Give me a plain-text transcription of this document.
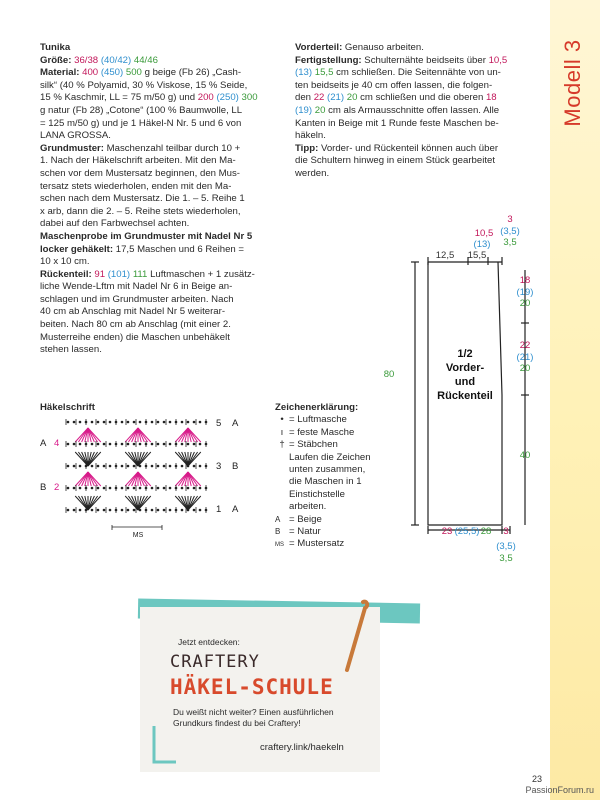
Modell 3
Tunika
Größe: 36/38 (40/42) 44/46
Material: 400 (450) 500 g beige (Fb 26) „Cash-
silk“ (40 % Polyamid, 30 % Viskose, 15 % Seide,
15 % Kaschmir, LL = 75 m/50 g) und 200 (250) 300
g natur (Fb 28) „Cotone“ (100 % Baumwolle, LL
= 125 m/50 g) und je 1 Häkel-N Nr. 5 und 6 von
LANA GROSSA.
Grundmuster: Maschenzahl teilbar durch 10 +
1. Nach der Häkelschrift arbeiten. Mit den Ma-
schen vor dem Mustersatz beginnen, den Mus-
tersatz stets wiederholen, enden mit den Ma-
schen nach dem Mustersatz. Die 1. – 5. Reihe 1
x arb, dann die 2. – 5. Reihe stets wiederholen,
dabei auf den Farbwechsel achten.
Maschenprobe im Grundmuster mit Nadel Nr 5
locker gehäkelt: 17,5 Maschen und 6 Reihen =
10 x 10 cm.
Rückenteil: 91 (101) 111 Luftmaschen + 1 zusätz-
liche Wende-Lftm mit Nadel Nr 6 in Beige an-
schlagen und im Grundmuster arbeiten. Nach
40 cm ab Anschlag mit Nadel Nr 5 weiterar-
beiten. Nach 80 cm ab Anschlag (mit einer 2.
Musterreihe enden) die Maschen unbehäkelt
stehen lassen.
Vorderteil: Genauso arbeiten.
Fertigstellung: Schulternähte beidseits über 10,5
(13) 15,5 cm schließen. Die Seitennähte von un-
ten beidseits je 40 cm offen lassen, die folgen-
den 22 (21) 20 cm schließen und die oberen 18
(19) 20 cm als Armausschnitte offen lassen. Alle
Kanten in Beige mit 1 Runde feste Maschen be-
häkeln.
Tipp: Vorder- und Rückenteil können auch über
die Schultern hinweg in einem Stück gearbeitet
werden.
12,5 15,5
(13)
10,5
3
(3,5)
3,5
80
18
(19)
20
22
(21)
20
40
23 (25,5) 28 3
(3,5)
3,5
1/2
Vorder-
und
Rückenteil
Häkelschrift
5 A
3 B
1 A
A 4
B 2
MS
Zeichenerklärung:
• = Luftmasche
ı = feste Masche
† = Stäbchen
Laufen die Zeichen
unten zusammen,
die Maschen in 1
Einstichstelle
arbeiten.
A = Beige
B = Natur
MS = Mustersatz
Jetzt entdecken:
CRAFTERY
HÄKEL-SCHULE
Du weißt nicht weiter? Einen ausführlichen
Grundkurs findest du bei Craftery!
craftery.link/haekeln
23
PassionForum.ru
